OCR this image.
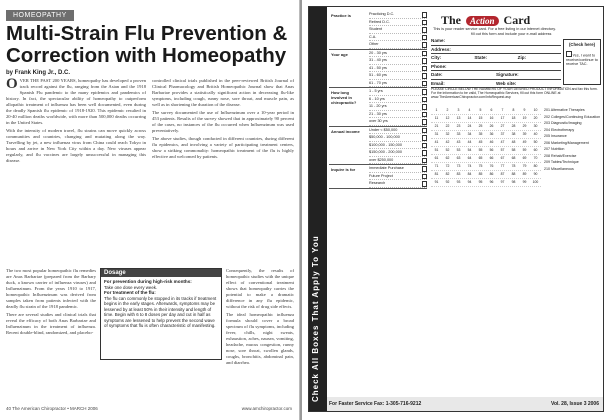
HOMEOPATHY
Multi-Strain Flu Prevention & Correction with Homeopathy
by Frank King Jr., D.C.

OVER THE PAST 200 YEARS, homeopathy has developed a proven track record against the flu, ranging from the Asian and the 1918 Spanish Flu pandemic to the many epidemics and pandemics of history. In fact, the spectacular ability of homeopathy to outperform allopathic treatment of influenza has been well documented, even during the deadly Spanish flu epidemic of 1918-1920. This epidemic resulted in 20-40 million deaths worldwide, with more than 500,000 deaths occurring in the United States.

With the intensity of modern travel, flu strains can move quickly across communities and countries, changing and mutating along the way. Travelling by jet, a new influenza virus from China could reach Tokyo in hours and arrive in New York City within a day. New viruses appear regularly, and flu vaccines are largely unsuccessful in managing this disease.

controlled clinical trials published in the peer-reviewed British Journal of Clinical Pharmacology and British Homeopathic Journal show that Anas Barbariae provides a statistically significant action in decreasing flu-like symptoms, including cough, runny nose, sore throat, and muscle pain, as well as in shortening the duration of the disease.

The survey documented the use of Influenzinum over a 10-year period in 453 patients. Results of the survey showed that in approximately 90 percent of the cases, no instances of the flu occurred when Influenzinum was used preventatively.

The above studies, though conducted in different countries, during different flu epidemics, and involving a variety of participating treatment centers, show a striking commonality: homeopathic treatment of the flu is highly effective and welcomed by patients.

The two most popular homeopathic flu remedies are Anas Barbariae (prepared from the Barbary duck, a known carrier of influenza viruses) and Influenzinum. From the years 1910 to 1917, homeopathic Influenzinum was derived from samples taken from patients infected with the deadly flu strain of the 1918 pandemic.

There are several studies and clinical trials that reveal the efficacy of both Anas Barbariae and Influenzinum in the treatment of influenza. Recent double-blind, randomized, and placebo-

Dosage
For prevention during high-risk months:
Take one dose every week.
For treatment of the flu:
The flu can commonly be stopped in its tracks if treatment begins in the early stages. Afterwards, symptoms may be lessened by at least 50% in their intensity and length of time. Begin with 6 to 8 doses per day and cut in half as symptoms are lessened to help prevent the second wave of symptoms that flu is often characteristic of manifesting.

Consequently, the results of homeopathic studies with the unique effect of conventional treatment shows that homeopathy carries the potential to make a dramatic difference in any flu epidemic, without the risk of drug side effects.

The ideal homeopathic influenza formula should cover a broad spectrum of flu symptoms, including fever, chills, night sweats, exhaustion, aches, nausea, vomiting, headache, mucus congestion, runny nose, sore throat, swollen glands, coughs, bronchitis, abdominal pain, and diarrhea.

40 The American Chiropractor • MARCH 2006	www.amchiropractor.com
Check All Boxes That Apply To You
Practice is	Practicing D.C.
Retired D.C.
Student
C.A.
Other
Your age	20 - 30 yrs
31 - 40 yrs
41 - 50 yrs
51 - 60 yrs
61 - 70 yrs
How long involved in chiropractic?
1 - 5 yrs
6 - 10 yrs
11 - 20 yrs
21 - 30 yrs
over 30 yrs
Annual income	Under < $50,000
$50,000 - 100,000
$100,000 - 150,000
$150,000 - 200,000
over $250,000
Inquire is for	Immediate Purchase
Future Project
Research
The Action Card
This is your reader service card. For a free listing in our internet directory.
fill out this form and include your e-mail address
Name:
Address:
City:	State:	Zip:
Phone:
Date:	Signature:
Email:	Web site:
(Check here)
Yes, I want to receive/continue to receive TAC.
PLEASE CIRCLE BELOW THE NUMBERS OF YOUR DESIRED PRODUCT INFORMATION and fax this form. For the information to be valid, The Homeopathic Services, fill out this form ONLINE at www.TheAmericanChiropractor.com/InfoRequest.asp
1	2	3	4	5	6	7	8	9	10
11	12	13	14	15	16	17	18	19	20
21	22	23	24	25	26	27	28	29	30
31	32	33	34	35	36	37	38	39	40
41	42	43	44	45	46	47	48	49	50
51	52	53	54	55	56	57	58	59	60
61	62	63	64	65	66	67	68	69	70
71	72	73	74	75	76	77	78	79	80
81	82	83	84	85	86	87	88	89	90
91	92	93	94	95	96	97	98	99	100
201 Alternative Therapies
202 Colleges/Continuing Education
203 Diagnostic/Imaging
204 Electrotherapy
205 Insurance
206 Marketing/Management
207 Nutrition
208 Rehab/Exercise
209 Tables/Technique
210 Miscellaneous
For Faster Service Fax: 1-305-716-9212	Vol. 28, Issue 3 2006
